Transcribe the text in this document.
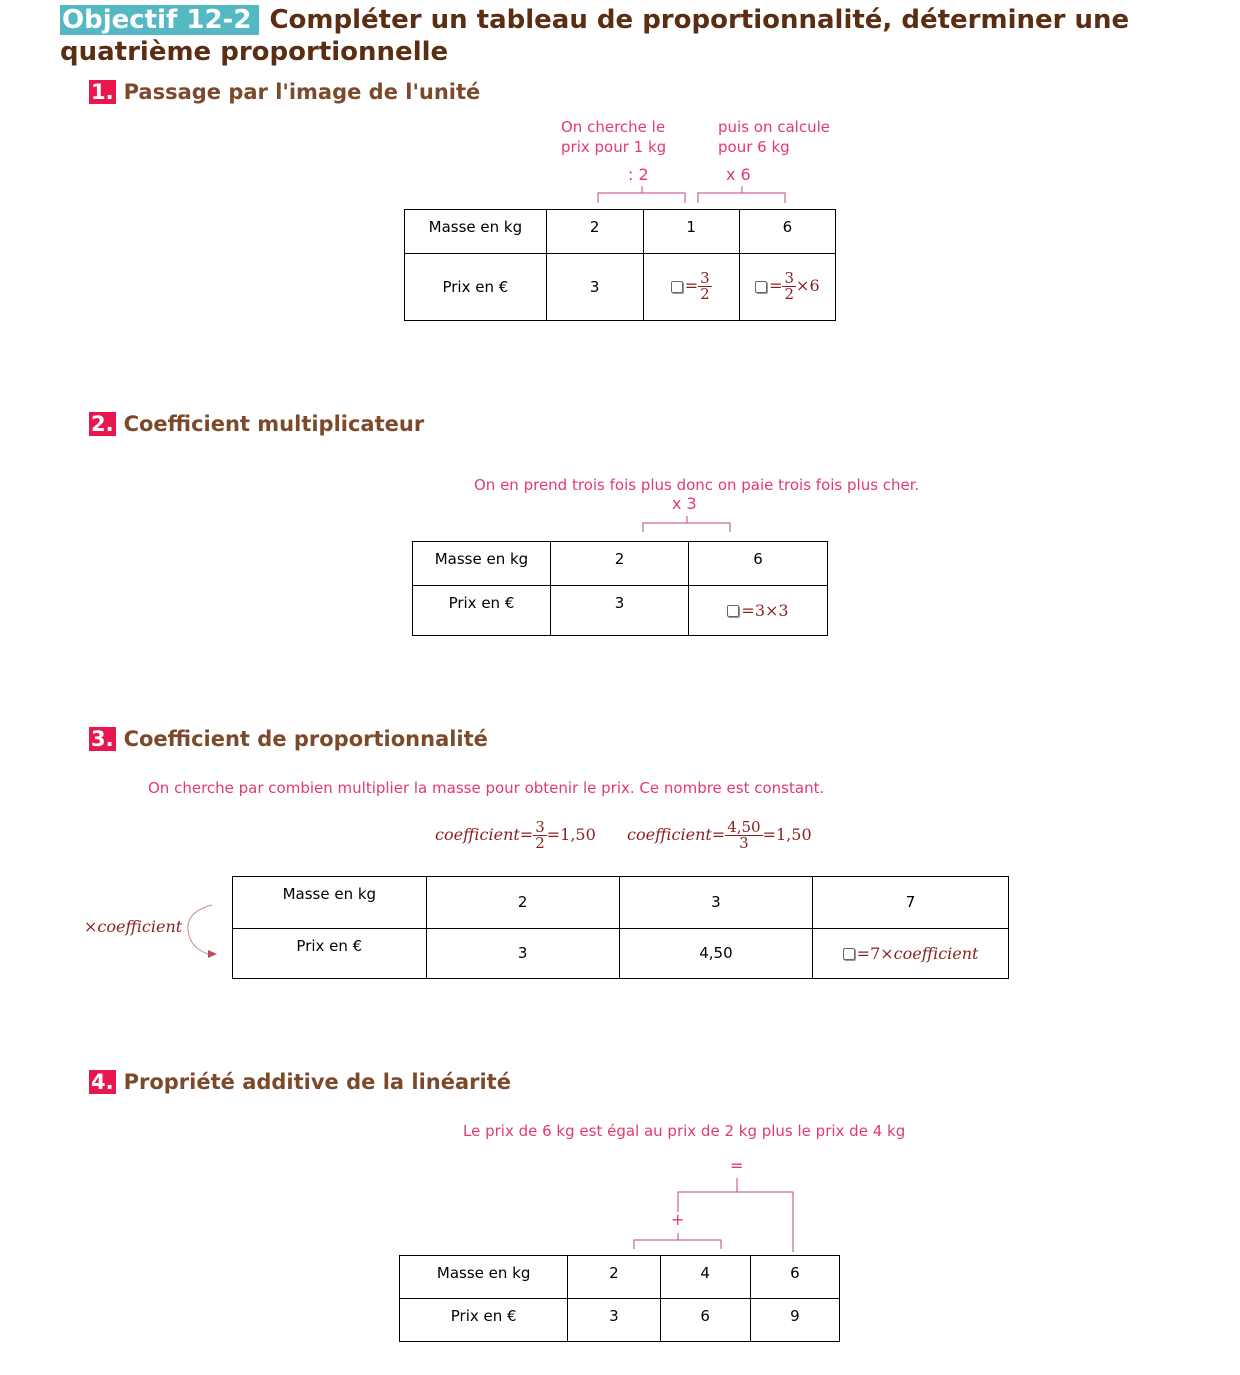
Objectif 12-2 Compléter un tableau de proportionnalité, déterminer une quatrième proportionnelle
1. Passage par l'image de l'unité
On cherche le prix pour 1 kg
puis on calcule pour 6 kg
: 2	x 6
Masse en kg	2	1	6
Prix en €	3	= $\frac{3}{2}$	= $\frac{3}{2} \times 6$
2. Coefficient multiplicateur
On en prend trois fois plus donc on paie trois fois plus cher.
x 3
Masse en kg	2	6
Prix en €	3	=3×3
3. Coefficient de proportionnalité
On cherche par combien multiplier la masse pour obtenir le prix. Ce nombre est constant.
coefficient= $\frac{3}{2} =1,50$ coefficient= $\frac{4,50}{3} =1,50$
×coefficient
Masse en kg	2	3	7
Prix en €	3	4,50	=7×coefficient
4. Propriété additive de la linéarité
Le prix de 6 kg est égal au prix de 2 kg plus le prix de 4 kg
=
+
Masse en kg	2	4	6
Prix en €	3	6	9
